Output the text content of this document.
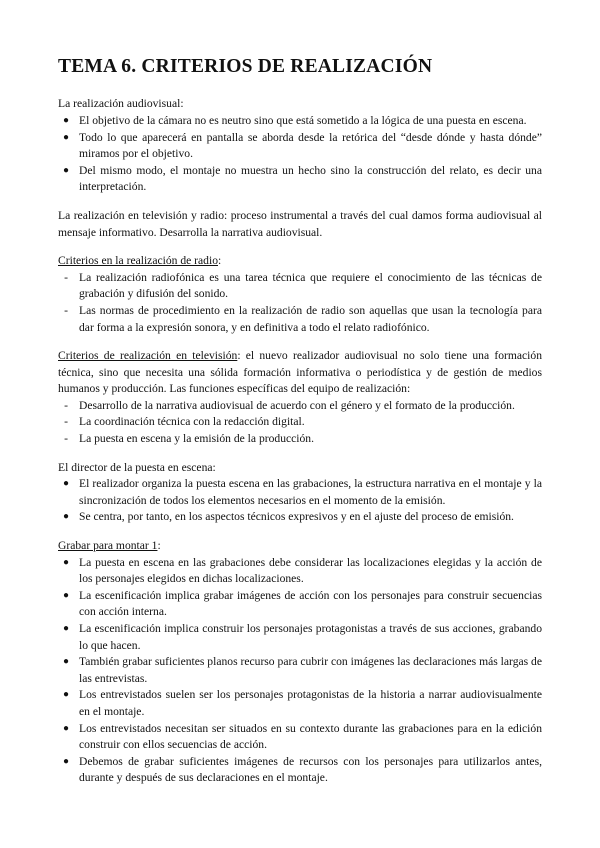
TEMA 6. CRITERIOS DE REALIZACIÓN

La realización audiovisual:

● El objetivo de la cámara no es neutro sino que está sometido a la lógica de una puesta en escena.
● Todo lo que aparecerá en pantalla se aborda desde la retórica del “desde dónde y hasta dónde” miramos por el objetivo.
● Del mismo modo, el montaje no muestra un hecho sino la construcción del relato, es decir una interpretación.

La realización en televisión y radio: proceso instrumental a través del cual damos forma audiovisual al mensaje informativo. Desarrolla la narrativa audiovisual.

Criterios en la realización de radio:

- La realización radiofónica es una tarea técnica que requiere el conocimiento de las técnicas de grabación y difusión del sonido.
- Las normas de procedimiento en la realización de radio son aquellas que usan la tecnología para dar forma a la expresión sonora, y en definitiva a todo el relato radiofónico.

Criterios de realización en televisión: el nuevo realizador audiovisual no solo tiene una formación técnica, sino que necesita una sólida formación informativa o periodística y de gestión de medios humanos y producción. Las funciones específicas del equipo de realización:

- Desarrollo de la narrativa audiovisual de acuerdo con el género y el formato de la producción.
- La coordinación técnica con la redacción digital.
- La puesta en escena y la emisión de la producción.

El director de la puesta en escena:

● El realizador organiza la puesta escena en las grabaciones, la estructura narrativa en el montaje y la sincronización de todos los elementos necesarios en el momento de la emisión.
● Se centra, por tanto, en los aspectos técnicos expresivos y en el ajuste del proceso de emisión.

Grabar para montar 1:

● La puesta en escena en las grabaciones debe considerar las localizaciones elegidas y la acción de los personajes elegidos en dichas localizaciones.
● La escenificación implica grabar imágenes de acción con los personajes para construir secuencias con acción interna.
● La escenificación implica construir los personajes protagonistas a través de sus acciones, grabando lo que hacen.
● También grabar suficientes planos recurso para cubrir con imágenes las declaraciones más largas de las entrevistas.
● Los entrevistados suelen ser los personajes protagonistas de la historia a narrar audiovisualmente en el montaje.
● Los entrevistados necesitan ser situados en su contexto durante las grabaciones para en la edición construir con ellos secuencias de acción.
● Debemos de grabar suficientes imágenes de recursos con los personajes para utilizarlos antes, durante y después de sus declaraciones en el montaje.
